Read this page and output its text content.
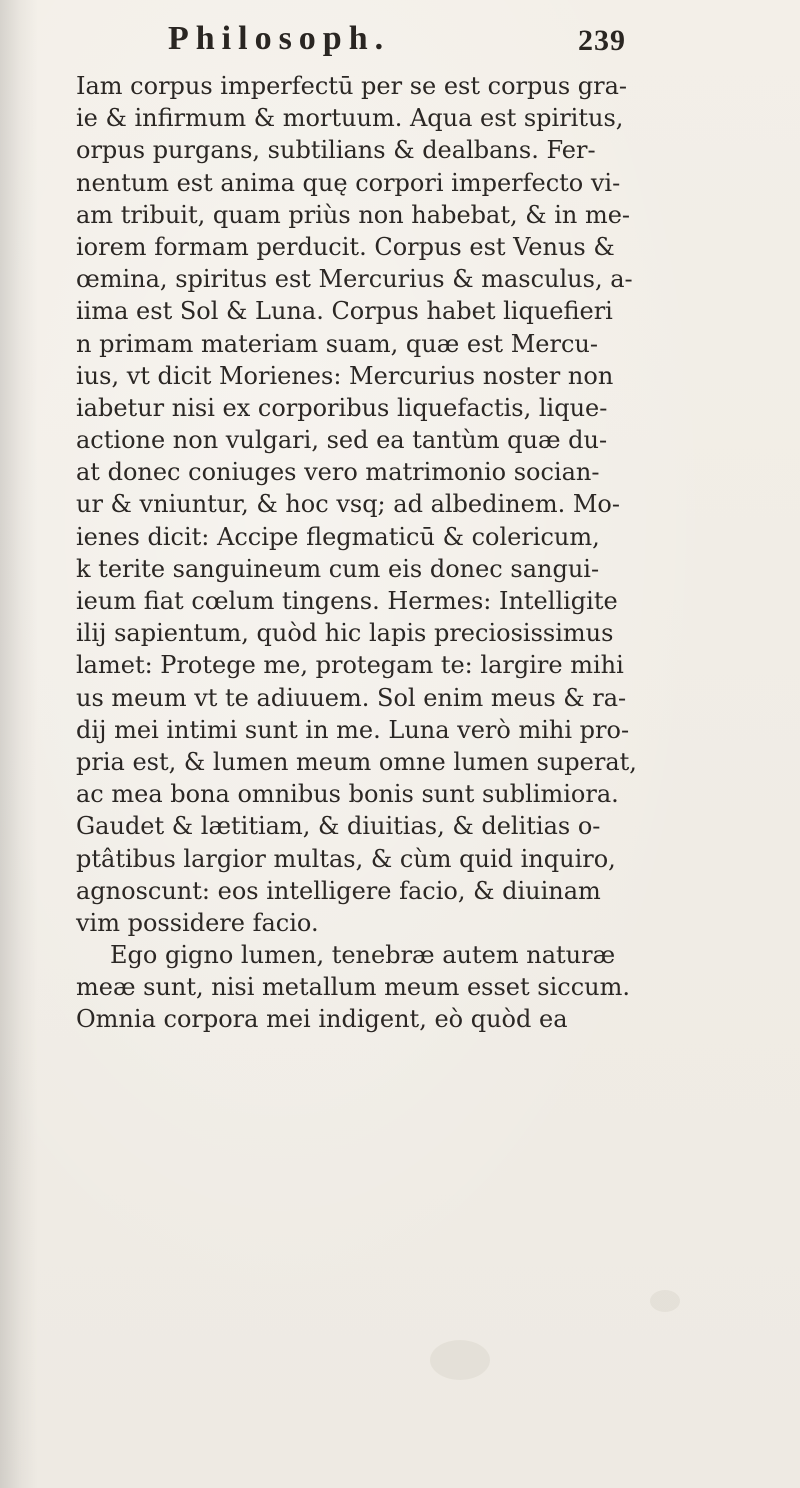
Philosoph.	239
Iam corpus imperfectū per se est corpus gra-
ie & infirmum & mortuum. Aqua est spiritus,
orpus purgans, subtilians & dealbans. Fer-
nentum est anima quę corpori imperfecto vi-
am tribuit, quam priùs non habebat, & in me-
iorem formam perducit. Corpus est Venus &
œmina, spiritus est Mercurius & masculus, a-
iima est Sol & Luna. Corpus habet liquefieri
n primam materiam suam, quæ est Mercu-
ius, vt dicit Morienes: Mercurius noster non
iabetur nisi ex corporibus liquefactis, lique-
actione non vulgari, sed ea tantùm quæ du-
at donec coniuges vero matrimonio socian-
ur & vniuntur, & hoc vsq; ad albedinem. Mo-
ienes dicit: Accipe flegmaticū & colericum,
k terite sanguineum cum eis donec sangui-
ieum fiat cœlum tingens. Hermes: Intelligite
ilij sapientum, quòd hic lapis preciosissimus
lamet: Protege me, protegam te: largire mihi
us meum vt te adiuuem. Sol enim meus & ra-
dij mei intimi sunt in me. Luna verò mihi pro-
pria est, & lumen meum omne lumen superat,
ac mea bona omnibus bonis sunt sublimiora.
Gaudet & lætitiam, & diuitias, & delitias o-
ptâtibus largior multas, & cùm quid inquiro,
agnoscunt: eos intelligere facio, & diuinam
vim possidere facio.
Ego gigno lumen, tenebræ autem naturæ
meæ sunt, nisi metallum meum esset siccum.
Omnia corpora mei indigent, eò quòd ea
